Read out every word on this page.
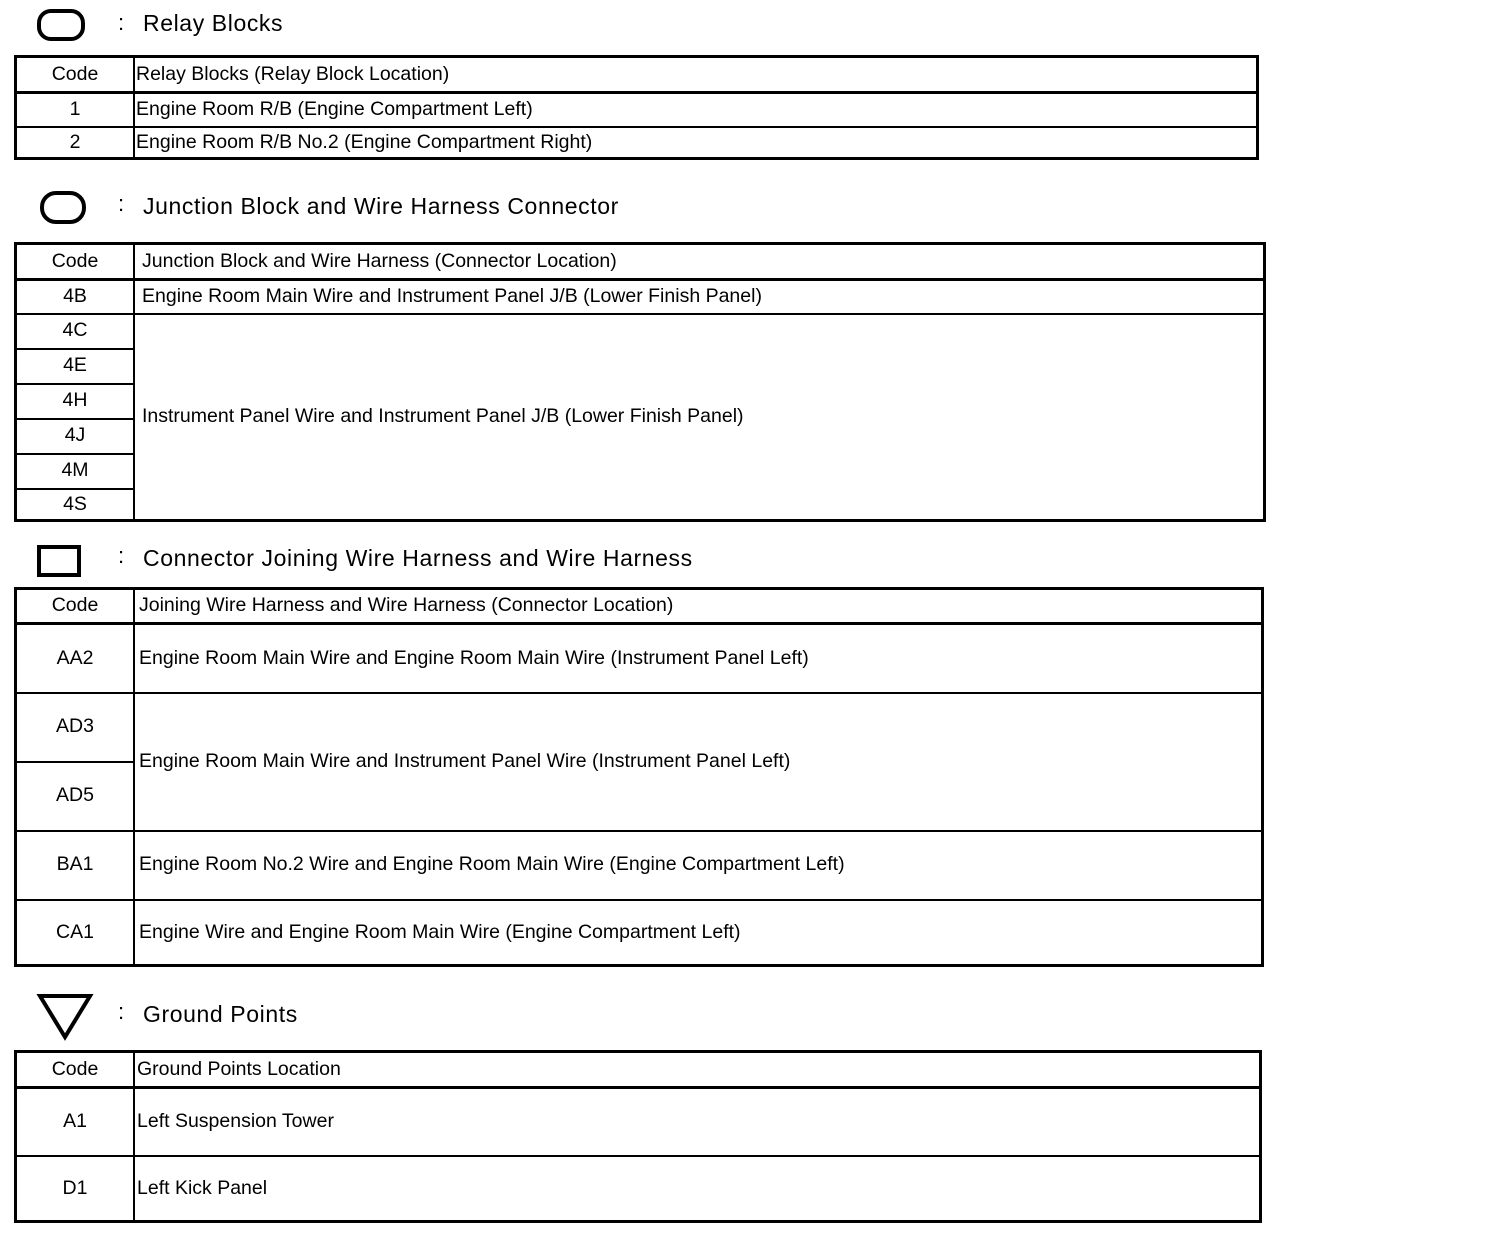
: Relay Blocks
Code	Relay Blocks (Relay Block Location)
1	Engine Room R/B (Engine Compartment Left)
2	Engine Room R/B No.2 (Engine Compartment Right)
: Junction Block and Wire Harness Connector
Code	Junction Block and Wire Harness (Connector Location)
4B	Engine Room Main Wire and Instrument Panel J/B (Lower Finish Panel)
4C	Instrument Panel Wire and Instrument Panel J/B (Lower Finish Panel)
4E	
4H	
4J	
4M	
4S	
: Connector Joining Wire Harness and Wire Harness
Code	Joining Wire Harness and Wire Harness (Connector Location)
AA2	Engine Room Main Wire and Engine Room Main Wire (Instrument Panel Left)
AD3	Engine Room Main Wire and Instrument Panel Wire (Instrument Panel Left)
AD5	
BA1	Engine Room No.2 Wire and Engine Room Main Wire (Engine Compartment Left)
CA1	Engine Wire and Engine Room Main Wire (Engine Compartment Left)
: Ground Points
Code	Ground Points Location
A1	Left Suspension Tower
D1	Left Kick Panel
